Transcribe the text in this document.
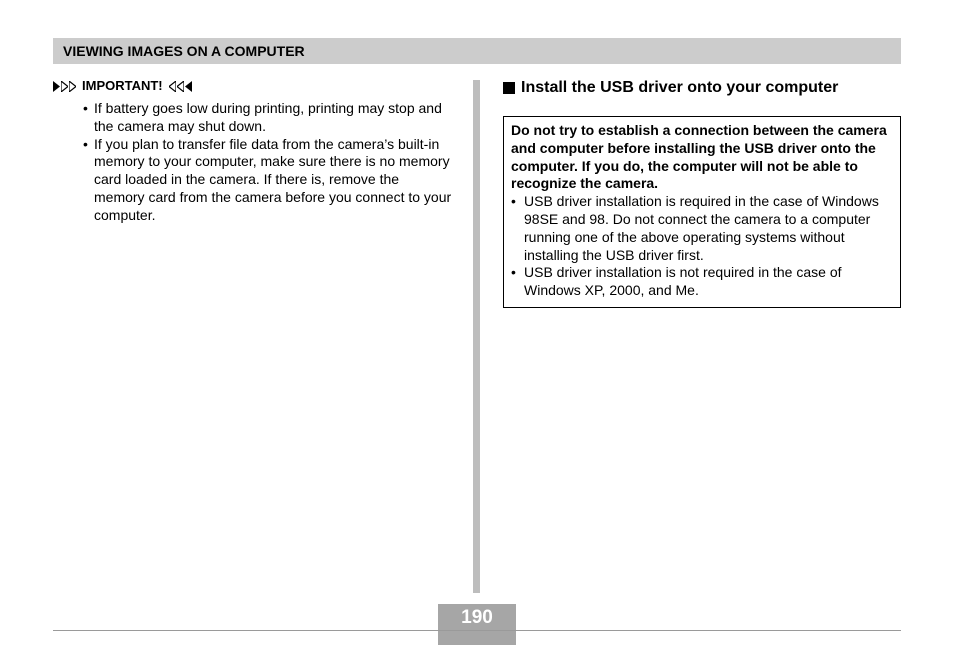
VIEWING IMAGES ON A COMPUTER
IMPORTANT!
• If battery goes low during printing, printing may stop and the camera may shut down.
• If you plan to transfer file data from the camera’s built-in memory to your computer, make sure there is no memory card loaded in the camera. If there is, remove the memory card from the camera before you connect to your computer.
Install the USB driver onto your computer
Do not try to establish a connection between the camera and computer before installing the USB driver onto the computer. If you do, the computer will not be able to recognize the camera.
• USB driver installation is required in the case of Windows 98SE and 98. Do not connect the camera to a computer running one of the above operating systems without installing the USB driver first.
• USB driver installation is not required in the case of Windows XP, 2000, and Me.
190
